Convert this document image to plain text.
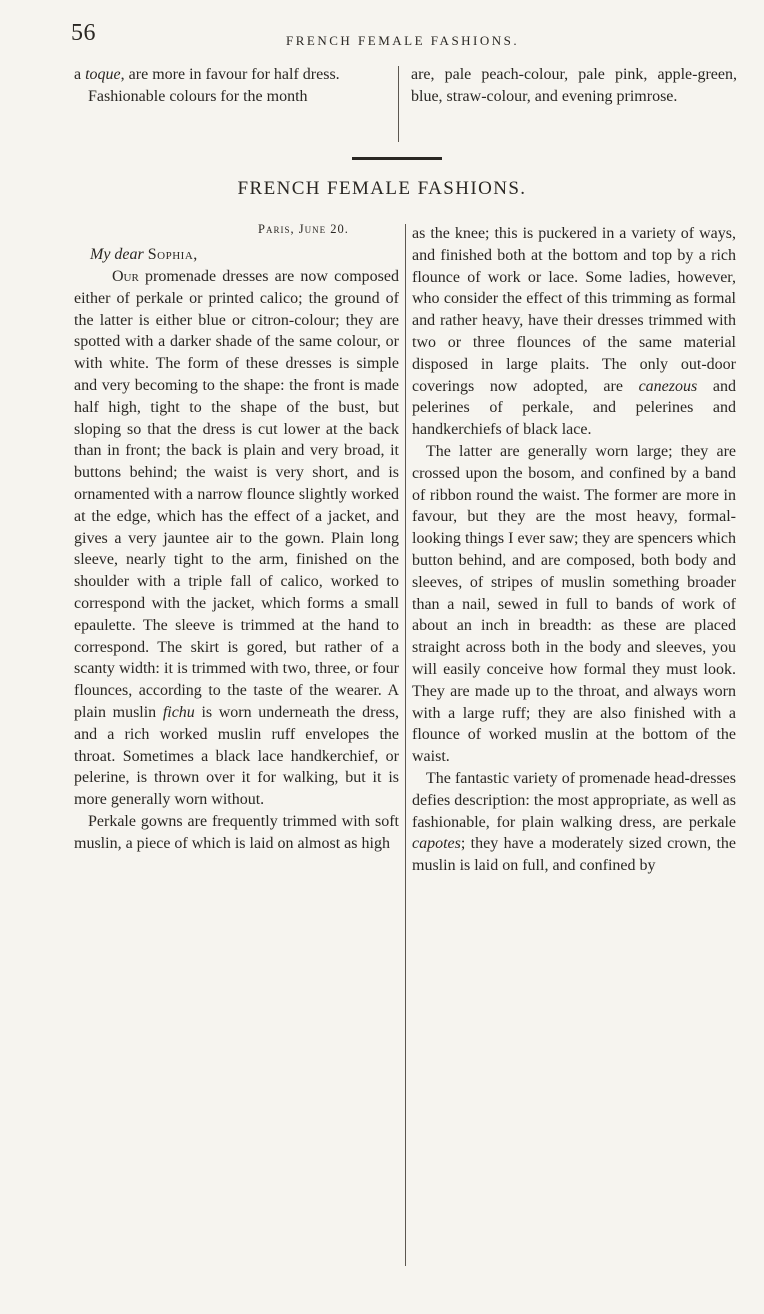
56	FRENCH FEMALE FASHIONS.

a toque, are more in favour for half dress.

Fashionable colours for the month

are, pale peach-colour, pale pink, apple-green, blue, straw-colour, and evening primrose.

FRENCH FEMALE FASHIONS.
Paris, June 20.
My dear Sophia,

Our promenade dresses are now composed either of perkale or printed calico; the ground of the latter is either blue or citron-colour; they are spotted with a darker shade of the same colour, or with white. The form of these dresses is simple and very becoming to the shape: the front is made half high, tight to the shape of the bust, but sloping so that the dress is cut lower at the back than in front; the back is plain and very broad, it buttons behind; the waist is very short, and is ornamented with a narrow flounce slightly worked at the edge, which has the effect of a jacket, and gives a very jauntee air to the gown. Plain long sleeve, nearly tight to the arm, finished on the shoulder with a triple fall of calico, worked to correspond with the jacket, which forms a small epaulette. The sleeve is trimmed at the hand to correspond. The skirt is gored, but rather of a scanty width: it is trimmed with two, three, or four flounces, according to the taste of the wearer. A plain muslin fichu is worn underneath the dress, and a rich worked muslin ruff envelopes the throat. Sometimes a black lace handkerchief, or pelerine, is thrown over it for walking, but it is more generally worn without.

Perkale gowns are frequently trimmed with soft muslin, a piece of which is laid on almost as high

as the knee; this is puckered in a variety of ways, and finished both at the bottom and top by a rich flounce of work or lace. Some ladies, however, who consider the effect of this trimming as formal and rather heavy, have their dresses trimmed with two or three flounces of the same material disposed in large plaits. The only out-door coverings now adopted, are canezous and pelerines of perkale, and pelerines and handkerchiefs of black lace.

The latter are generally worn large; they are crossed upon the bosom, and confined by a band of ribbon round the waist. The former are more in favour, but they are the most heavy, formal-looking things I ever saw; they are spencers which button behind, and are composed, both body and sleeves, of stripes of muslin something broader than a nail, sewed in full to bands of work of about an inch in breadth: as these are placed straight across both in the body and sleeves, you will easily conceive how formal they must look. They are made up to the throat, and always worn with a large ruff; they are also finished with a flounce of worked muslin at the bottom of the waist.

The fantastic variety of promenade head-dresses defies description: the most appropriate, as well as fashionable, for plain walking dress, are perkale capotes; they have a moderately sized crown, the muslin is laid on full, and confined by
